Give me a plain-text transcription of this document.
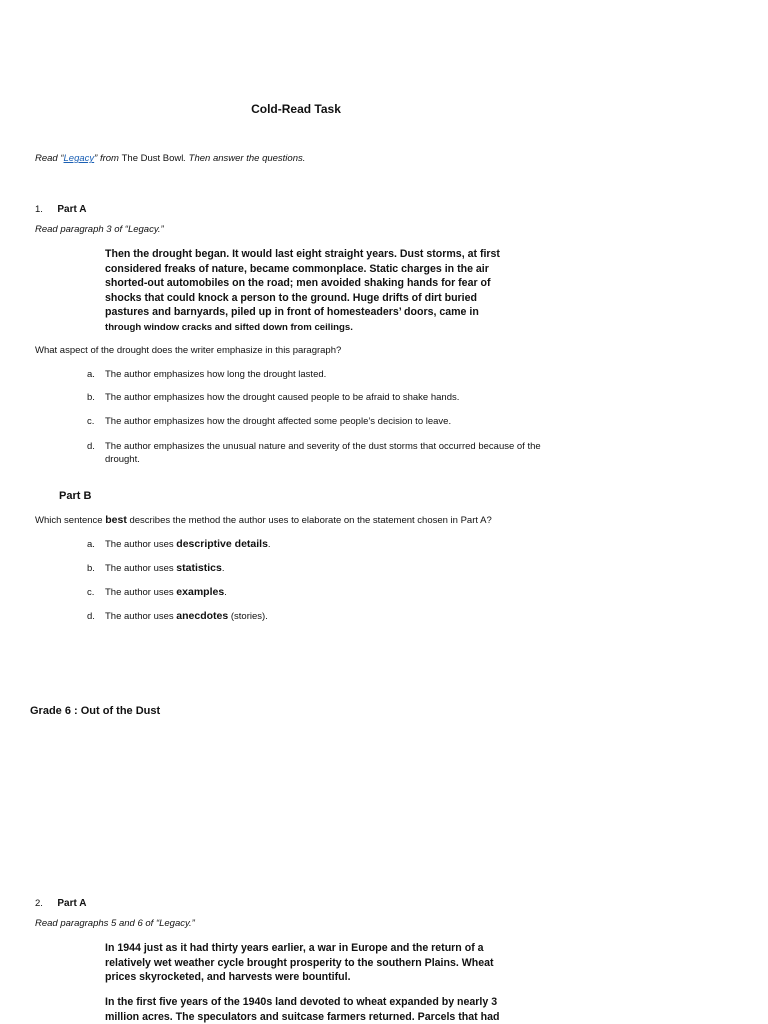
Cold-Read Task
Read “Legacy” from The Dust Bowl. Then answer the questions.
1. Part A
Read paragraph 3 of “Legacy.”
Then the drought began. It would last eight straight years. Dust storms, at first considered freaks of nature, became commonplace. Static charges in the air shorted-out automobiles on the road; men avoided shaking hands for fear of shocks that could knock a person to the ground. Huge drifts of dirt buried pastures and barnyards, piled up in front of homesteaders’ doors, came in through window cracks and sifted down from ceilings.
What aspect of the drought does the writer emphasize in this paragraph?
a.	The author emphasizes how long the drought lasted.
b.	The author emphasizes how the drought caused people to be afraid to shake hands.
c.	The author emphasizes how the drought affected some people’s decision to leave.
d.	The author emphasizes the unusual nature and severity of the dust storms that occurred because of the drought.
Part B
Which sentence best describes the method the author uses to elaborate on the statement chosen in Part A?
a.	The author uses descriptive details.
b.	The author uses statistics.
c.	The author uses examples.
d.	The author uses anecdotes (stories).
Grade 6 : Out of the Dust
2. Part A
Read paragraphs 5 and 6 of “Legacy.”
In 1944 just as it had thirty years earlier, a war in Europe and the return of a relatively wet weather cycle brought prosperity to the southern Plains. Wheat prices skyrocketed, and harvests were bountiful.
In the first five years of the 1940s land devoted to wheat expanded by nearly 3 million acres. The speculators and suitcase farmers returned. Parcels that had
